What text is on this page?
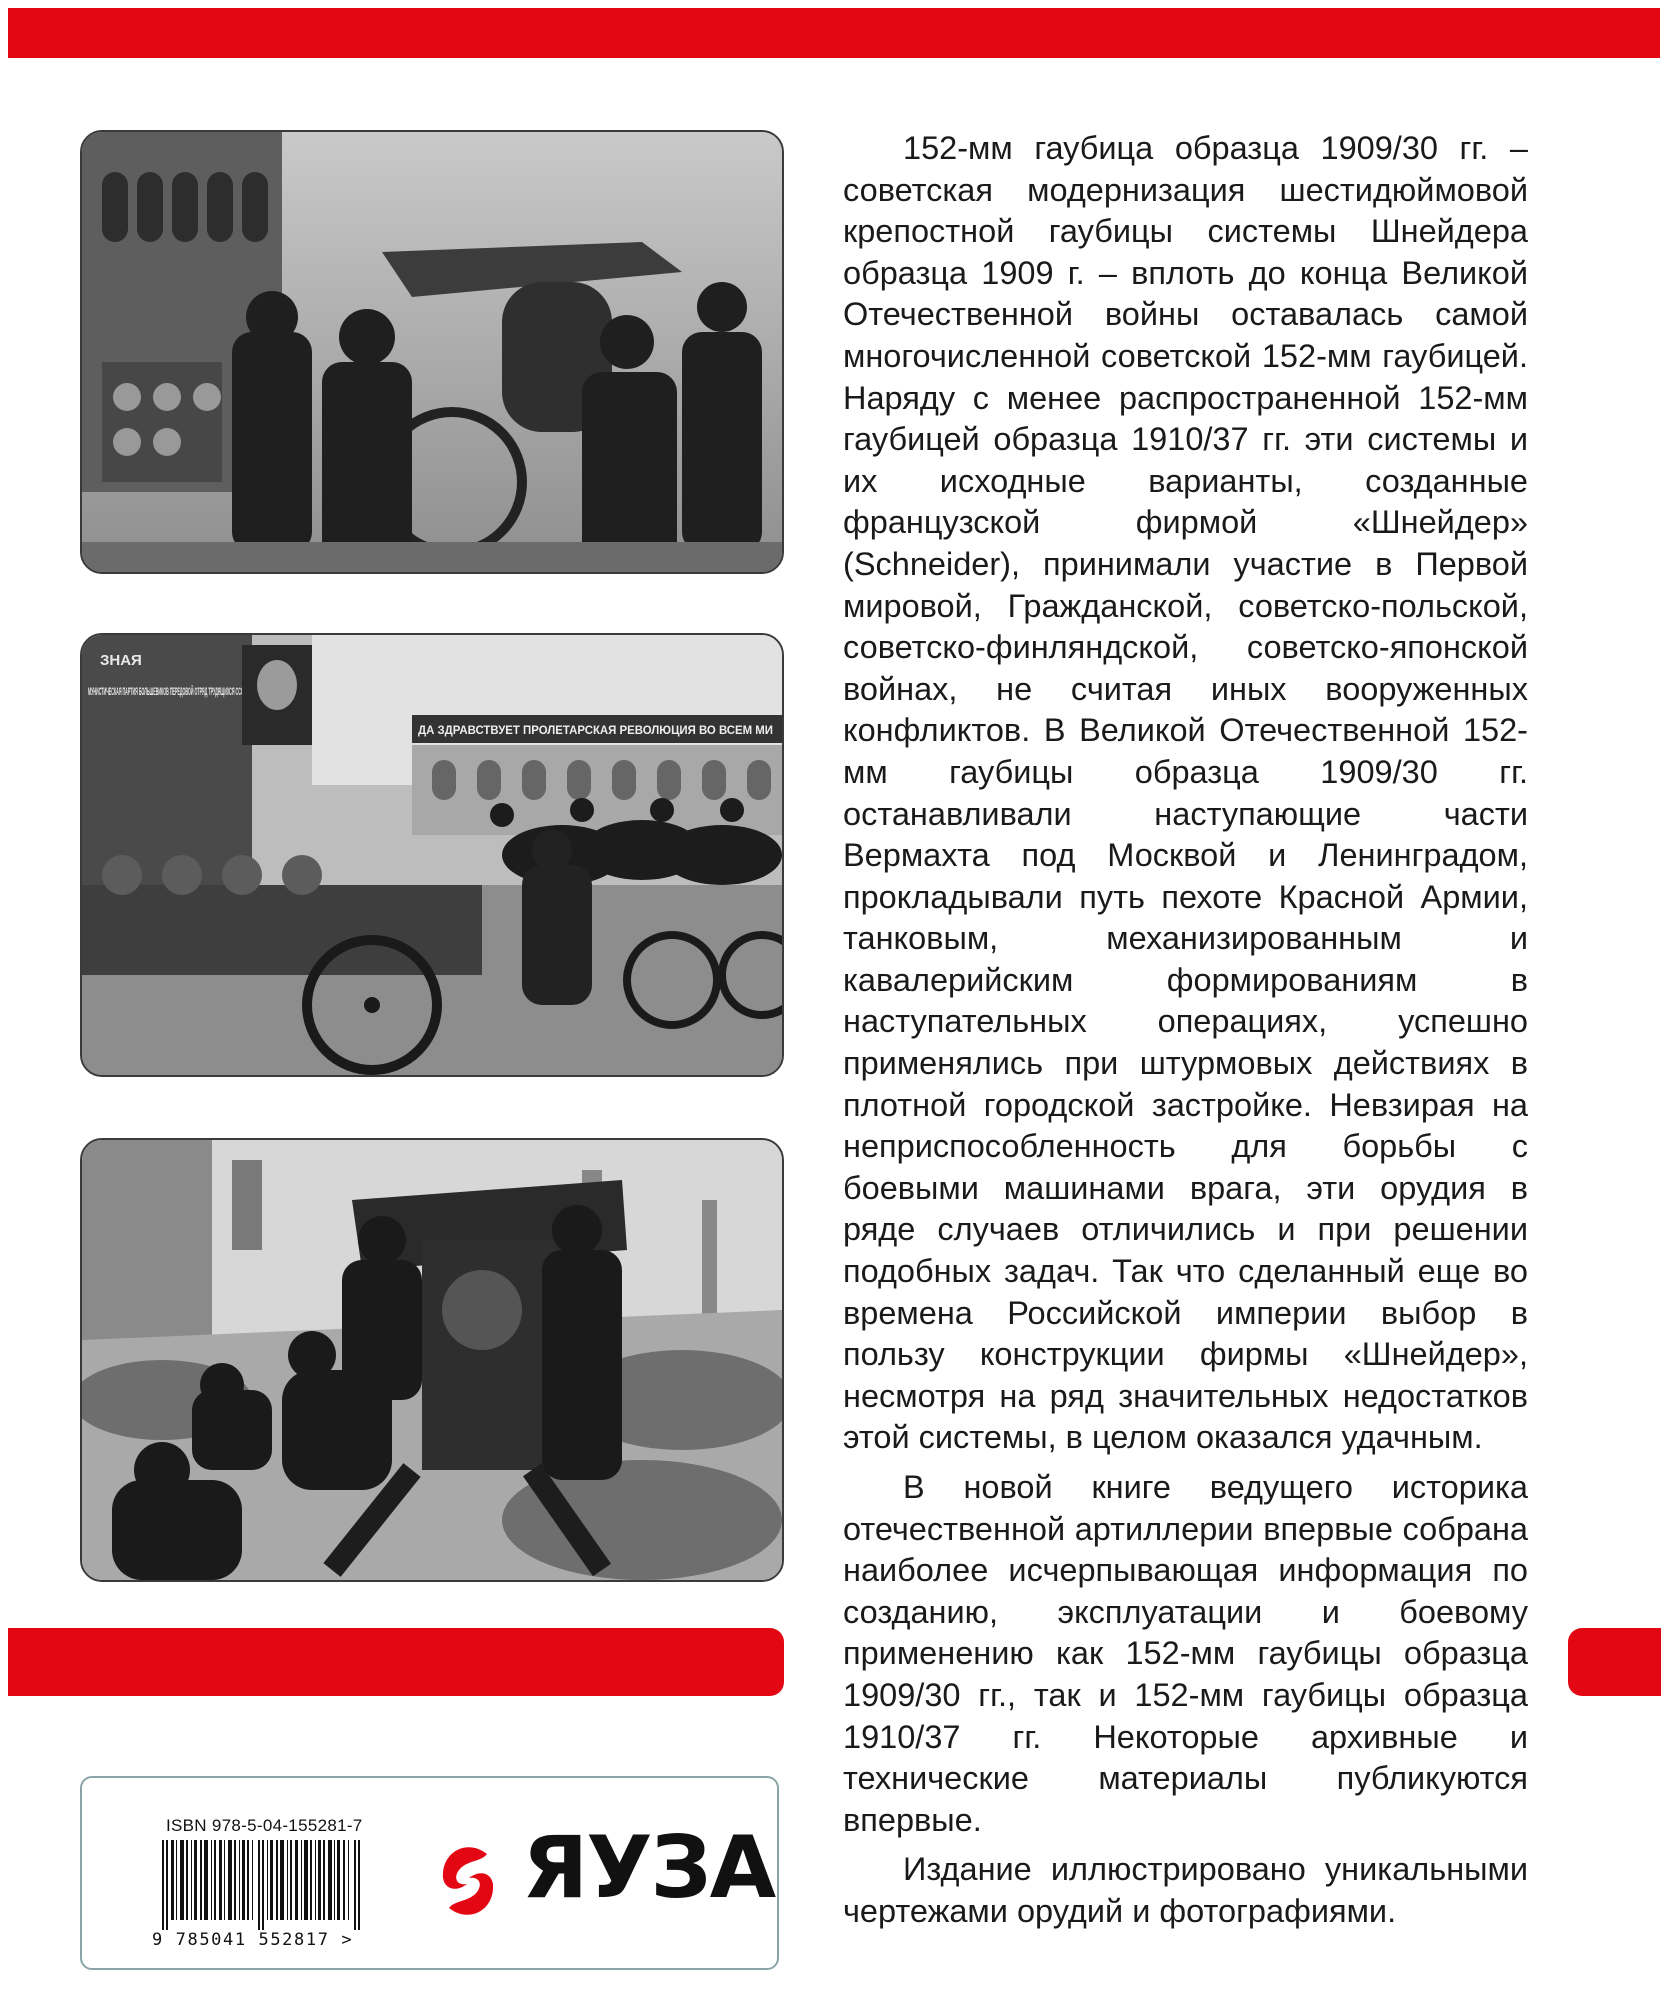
ЗНАЯ
ДА ЗДРАВСТВУЕТ ПРОЛЕТАРСКАЯ РЕВОЛЮЦИЯ ВО ВСЕМ МИ

152-мм гаубица образца 1909/30 гг. – советская модернизация шестидюймовой крепостной гаубицы системы Шнейдера образца 1909 г. – вплоть до конца Великой Отечественной войны оставалась самой многочисленной советской 152-мм гаубицей. Наряду с менее распространенной 152-мм гаубицей образца 1910/37 гг. эти системы и их исходные варианты, созданные французской фирмой «Шнейдер» (Schneider), принимали участие в Первой мировой, Гражданской, советско-польской, советско-финляндской, советско-японской войнах, не считая иных вооруженных конфликтов. В Великой Отечественной 152-мм гаубицы образца 1909/30 гг. останавливали наступающие части Вермахта под Москвой и Ленинградом, прокладывали путь пехоте Красной Армии, танковым, механизированным и кавалерийским формированиям в наступательных операциях, успешно применялись при штурмовых действиях в плотной городской застройке. Невзирая на неприспособленность для борьбы с боевыми машинами врага, эти орудия в ряде случаев отличились и при решении подобных задач. Так что сделанный еще во времена Российской империи выбор в пользу конструкции фирмы «Шнейдер», несмотря на ряд значительных недостатков этой системы, в целом оказался удачным.

В новой книге ведущего историка отечественной артиллерии впервые собрана наиболее исчерпывающая информация по созданию, эксплуатации и боевому применению как 152-мм гаубицы образца 1909/30 гг., так и 152-мм гаубицы образца 1910/37 гг. Некоторые архивные и технические материалы публикуются впервые.

Издание иллюстрировано уникальными чертежами орудий и фотографиями.

ISBN 978-5-04-155281-7
9 785041 552817 >
ЯУЗА
